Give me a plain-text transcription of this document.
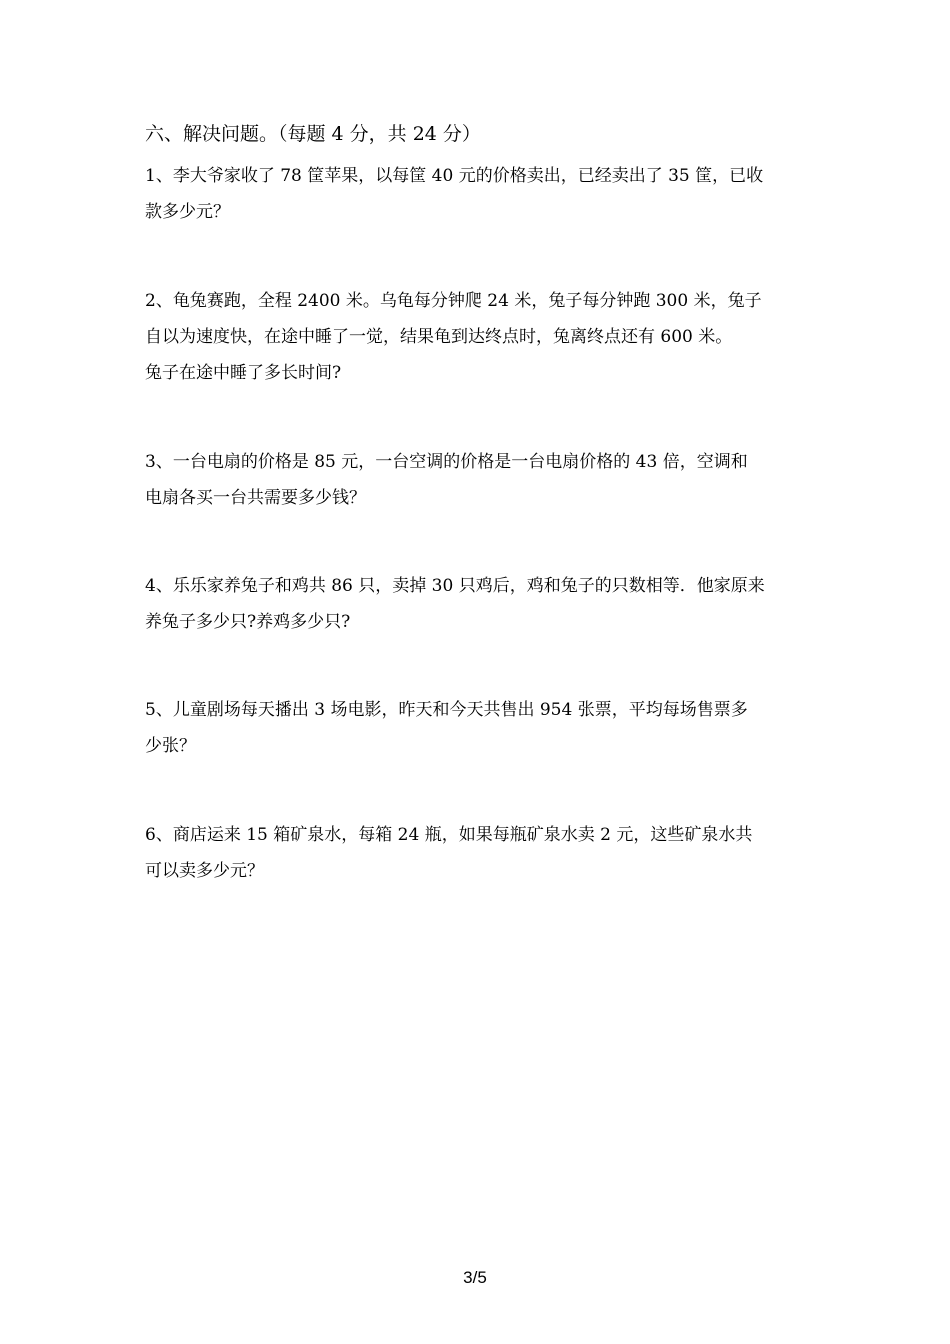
六、解决问题。（每题 4 分，共 24 分）
1、李大爷家收了 78 筐苹果，以每筐 40 元的价格卖出，已经卖出了 35 筐，已收
款多少元？
2、龟兔赛跑，全程 2400 米。乌龟每分钟爬 24 米，兔子每分钟跑 300 米，兔子
自以为速度快，在途中睡了一觉，结果龟到达终点时，兔离终点还有 600 米。
兔子在途中睡了多长时间?
3、一台电扇的价格是 85 元，一台空调的价格是一台电扇价格的 43 倍，空调和
电扇各买一台共需要多少钱？
4、乐乐家养兔子和鸡共 86 只，卖掉 30 只鸡后，鸡和兔子的只数相等．他家原来
养兔子多少只?养鸡多少只?
5、儿童剧场每天播出 3 场电影，昨天和今天共售出 954 张票，平均每场售票多
少张？
6、商店运来 15 箱矿泉水，每箱 24 瓶，如果每瓶矿泉水卖 2 元，这些矿泉水共
可以卖多少元？
3/5
